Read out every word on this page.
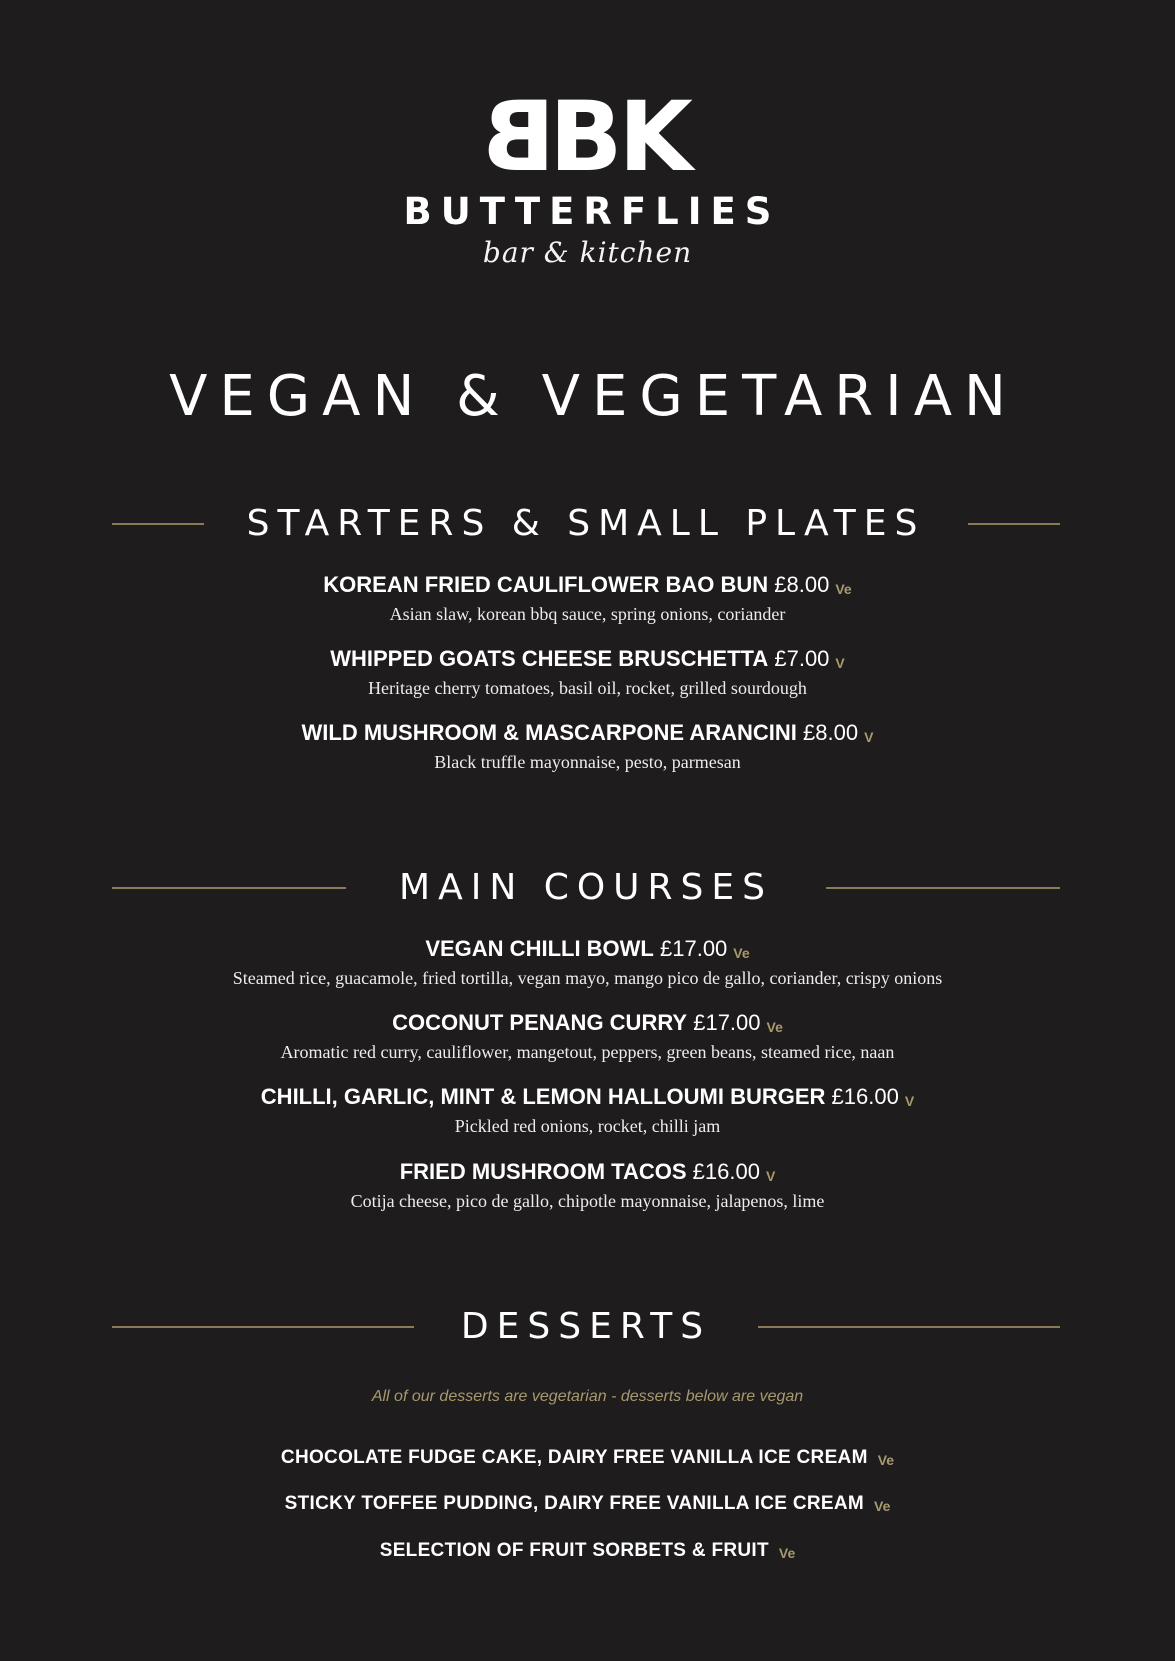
B
BK
BUTTERFLIES
bar & kitchen
VEGAN & VEGETARIAN
STARTERS & SMALL PLATES
KOREAN FRIED CAULIFLOWER BAO BUN £8.00 Ve
Asian slaw, korean bbq sauce, spring onions, coriander
WHIPPED GOATS CHEESE BRUSCHETTA £7.00 V
Heritage cherry tomatoes, basil oil, rocket, grilled sourdough
WILD MUSHROOM & MASCARPONE ARANCINI £8.00 V
Black truffle mayonnaise, pesto, parmesan
MAIN COURSES
VEGAN CHILLI BOWL £17.00 Ve
Steamed rice, guacamole, fried tortilla, vegan mayo, mango pico de gallo, coriander, crispy onions
COCONUT PENANG CURRY £17.00 Ve
Aromatic red curry, cauliflower, mangetout, peppers, green beans, steamed rice, naan
CHILLI, GARLIC, MINT & LEMON HALLOUMI BURGER £16.00 V
Pickled red onions, rocket, chilli jam
FRIED MUSHROOM TACOS £16.00 V
Cotija cheese, pico de gallo, chipotle mayonnaise, jalapenos, lime
DESSERTS
All of our desserts are vegetarian - desserts below are vegan
CHOCOLATE FUDGE CAKE, DAIRY FREE VANILLA ICE CREAM Ve
STICKY TOFFEE PUDDING, DAIRY FREE VANILLA ICE CREAM Ve
SELECTION OF FRUIT SORBETS & FRUIT Ve
